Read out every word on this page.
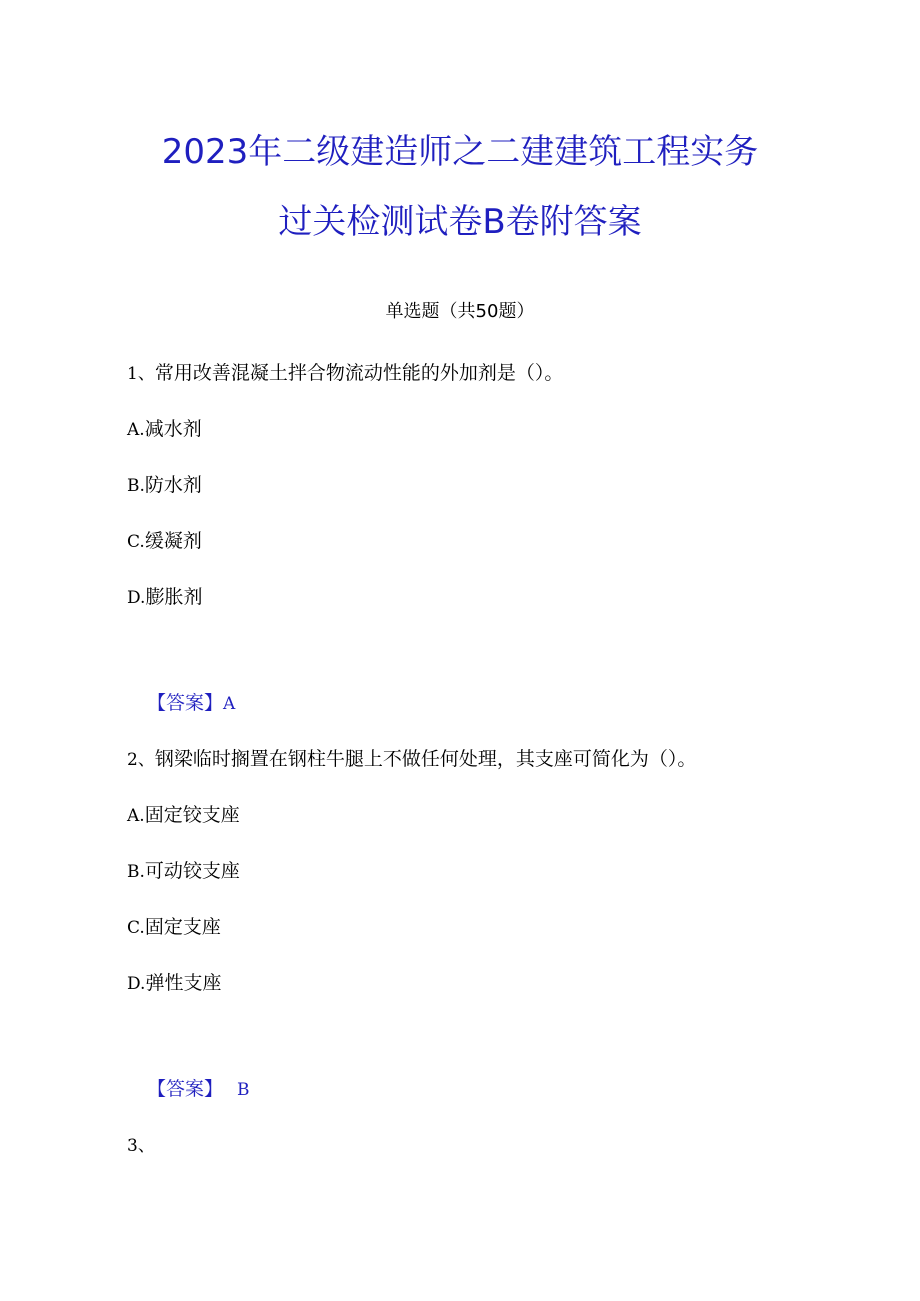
2023年二级建造师之二建建筑工程实务
过关检测试卷B卷附答案
单选题（共50题）
1、常用改善混凝土拌合物流动性能的外加剂是（）。
A.减水剂
B.防水剂
C.缓凝剂
D.膨胀剂
【答案】A
2、钢梁临时搁置在钢柱牛腿上不做任何处理，其支座可简化为（）。
A.固定铰支座
B.可动铰支座
C.固定支座
D.弹性支座
【答案】 B
3、
